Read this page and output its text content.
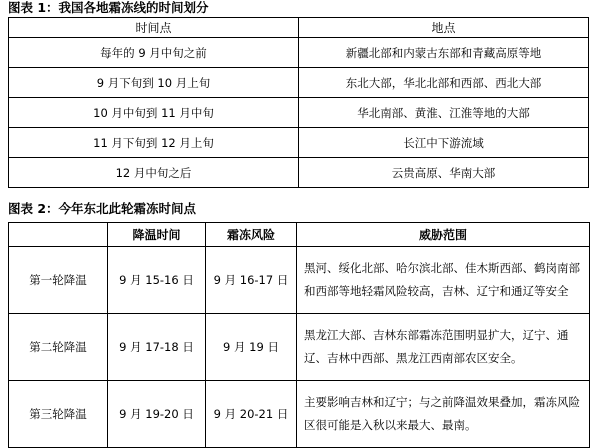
图表 1：我国各地霜冻线的时间划分
时间点	地点
每年的 9 月中旬之前	新疆北部和内蒙古东部和青藏高原等地
9 月下旬到 10 月上旬	东北大部，华北北部和西部、西北大部
10 月中旬到 11 月中旬	华北南部、黄淮、江淮等地的大部
11 月下旬到 12 月上旬	长江中下游流域
12 月中旬之后	云贵高原、华南大部
图表 2：今年东北此轮霜冻时间点
	降温时间	霜冻风险	威胁范围
第一轮降温	9 月 15-16 日	9 月 16-17 日	黑河、绥化北部、哈尔滨北部、佳木斯西部、鹤岗南部和西部等地轻霜风险较高，吉林、辽宁和通辽等安全
第二轮降温	9 月 17-18 日	9 月 19 日	黑龙江大部、吉林东部霜冻范围明显扩大，辽宁、通辽、吉林中西部、黑龙江西南部农区安全。
第三轮降温	9 月 19-20 日	9 月 20-21 日	主要影响吉林和辽宁；与之前降温效果叠加，霜冻风险区很可能是入秋以来最大、最南。
